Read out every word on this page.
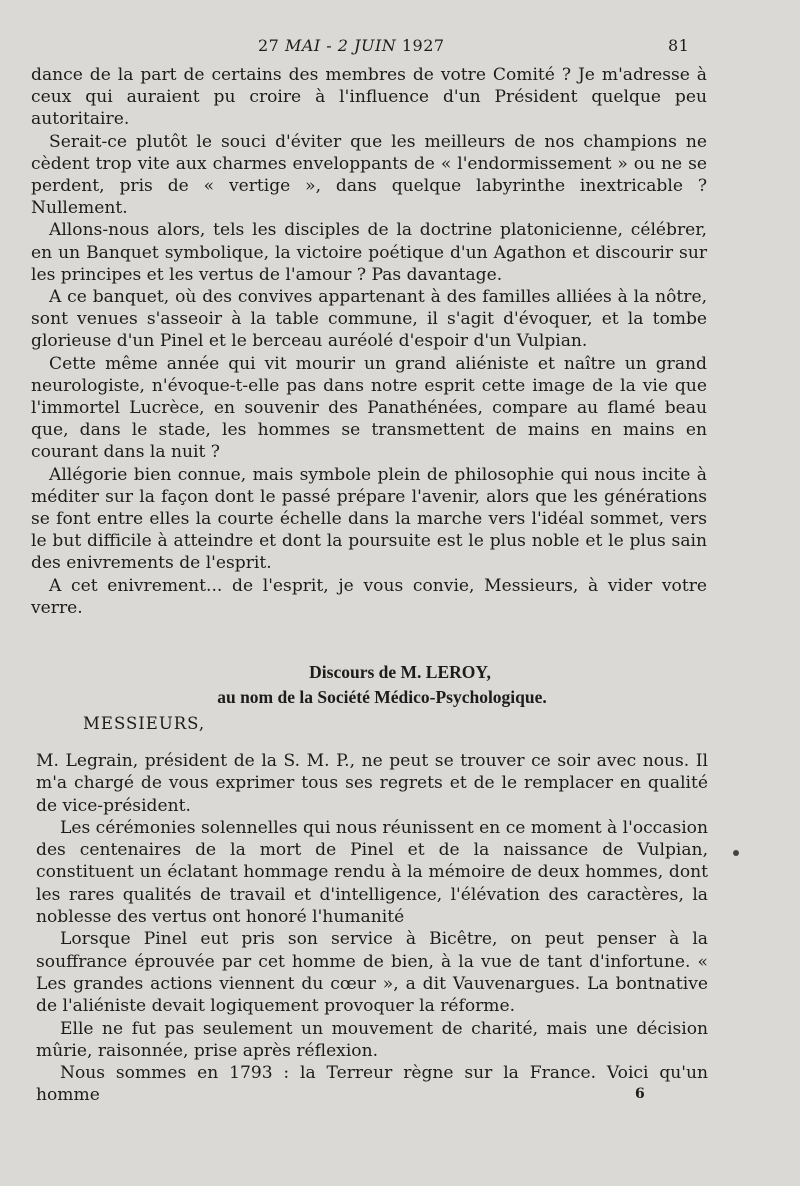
27 MAI - 2 JUIN 1927	81

dance de la part de certains des membres de votre Comité ? Je m'adresse à ceux qui auraient pu croire à l'influence d'un Président quelque peu autoritaire.

Serait-ce plutôt le souci d'éviter que les meilleurs de nos champions ne cèdent trop vite aux charmes enveloppants de « l'endormissement » ou ne se perdent, pris de « vertige », dans quelque labyrinthe inextricable ? Nullement.

Allons-nous alors, tels les disciples de la doctrine platonicienne, célébrer, en un Banquet symbolique, la victoire poétique d'un Agathon et discourir sur les principes et les vertus de l'amour ? Pas davantage.

A ce banquet, où des convives appartenant à des familles alliées à la nôtre, sont venues s'asseoir à la table commune, il s'agit d'évoquer, et la tombe glorieuse d'un Pinel et le berceau auréolé d'espoir d'un Vulpian.

Cette même année qui vit mourir un grand aliéniste et naître un grand neurologiste, n'évoque-t-elle pas dans notre esprit cette image de la vie que l'immortel Lucrèce, en souvenir des Panathénées, compare au flamé beau que, dans le stade, les hommes se transmettent de mains en mains en courant dans la nuit ?

Allégorie bien connue, mais symbole plein de philosophie qui nous incite à méditer sur la façon dont le passé prépare l'avenir, alors que les générations se font entre elles la courte échelle dans la marche vers l'idéal sommet, vers le but difficile à atteindre et dont la poursuite est le plus noble et le plus sain des enivrements de l'esprit.

A cet enivrement... de l'esprit, je vous convie, Messieurs, à vider votre verre.

Discours de M. LEROY,
au nom de la Société Médico-Psychologique.
MESSIEURS,

M. Legrain, président de la S. M. P., ne peut se trouver ce soir avec nous. Il m'a chargé de vous exprimer tous ses regrets et de le remplacer en qualité de vice-président.

Les cérémonies solennelles qui nous réunissent en ce moment à l'occasion des centenaires de la mort de Pinel et de la naissance de Vulpian, constituent un éclatant hommage rendu à la mémoire de deux hommes, dont les rares qualités de travail et d'intelligence, l'élévation des caractères, la noblesse des vertus ont honoré l'humanité

Lorsque Pinel eut pris son service à Bicêtre, on peut penser à la souffrance éprouvée par cet homme de bien, à la vue de tant d'infortune. « Les grandes actions viennent du cœur », a dit Vauvenargues. La bontnative de l'aliéniste devait logiquement provoquer la réforme.

Elle ne fut pas seulement un mouvement de charité, mais une décision mûrie, raisonnée, prise après réflexion.

Nous sommes en 1793 : la Terreur règne sur la France. Voici qu'un homme	6
